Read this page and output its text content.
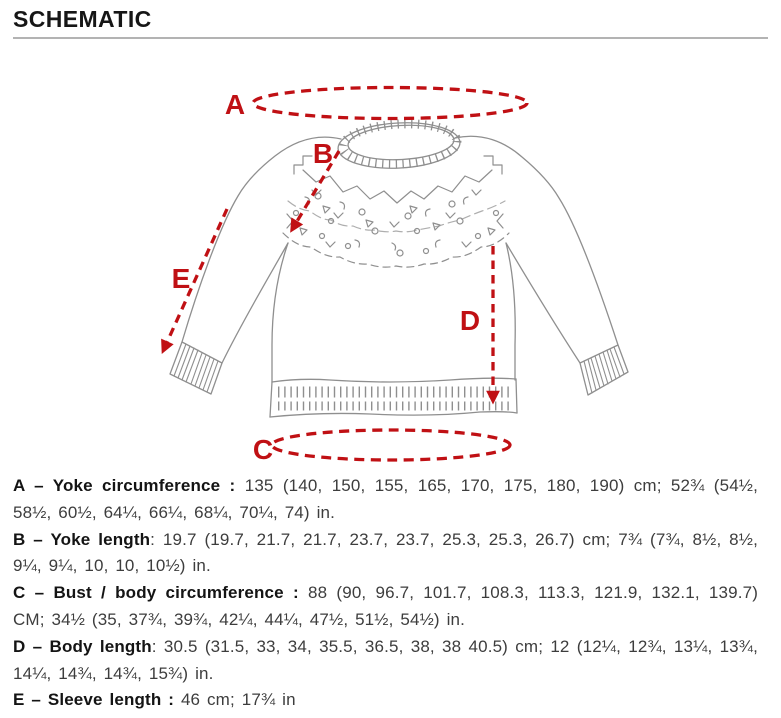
SCHEMATIC
A
B
C
D
E

A – Yoke circumference : 135 (140, 150, 155, 165, 170, 175, 180, 190) cm; 52¾ (54½, 58½, 60½, 64¼, 66¼, 68¼, 70¼, 74) in.

B – Yoke length: 19.7 (19.7, 21.7, 21.7, 23.7, 23.7, 25.3, 25.3, 26.7) cm; 7¾ (7¾, 8½, 8½, 9¼, 9¼, 10, 10, 10½) in.

C – Bust / body circumference : 88 (90, 96.7, 101.7, 108.3, 113.3, 121.9, 132.1, 139.7) CM; 34½ (35, 37¾, 39¾, 42¼, 44¼, 47½, 51½, 54½) in.

D – Body length: 30.5 (31.5, 33, 34, 35.5, 36.5, 38, 38 40.5) cm; 12 (12¼, 12¾, 13¼, 13¾, 14¼, 14¾, 14¾, 15¾) in.

E – Sleeve length : 46 cm; 17¾ in
